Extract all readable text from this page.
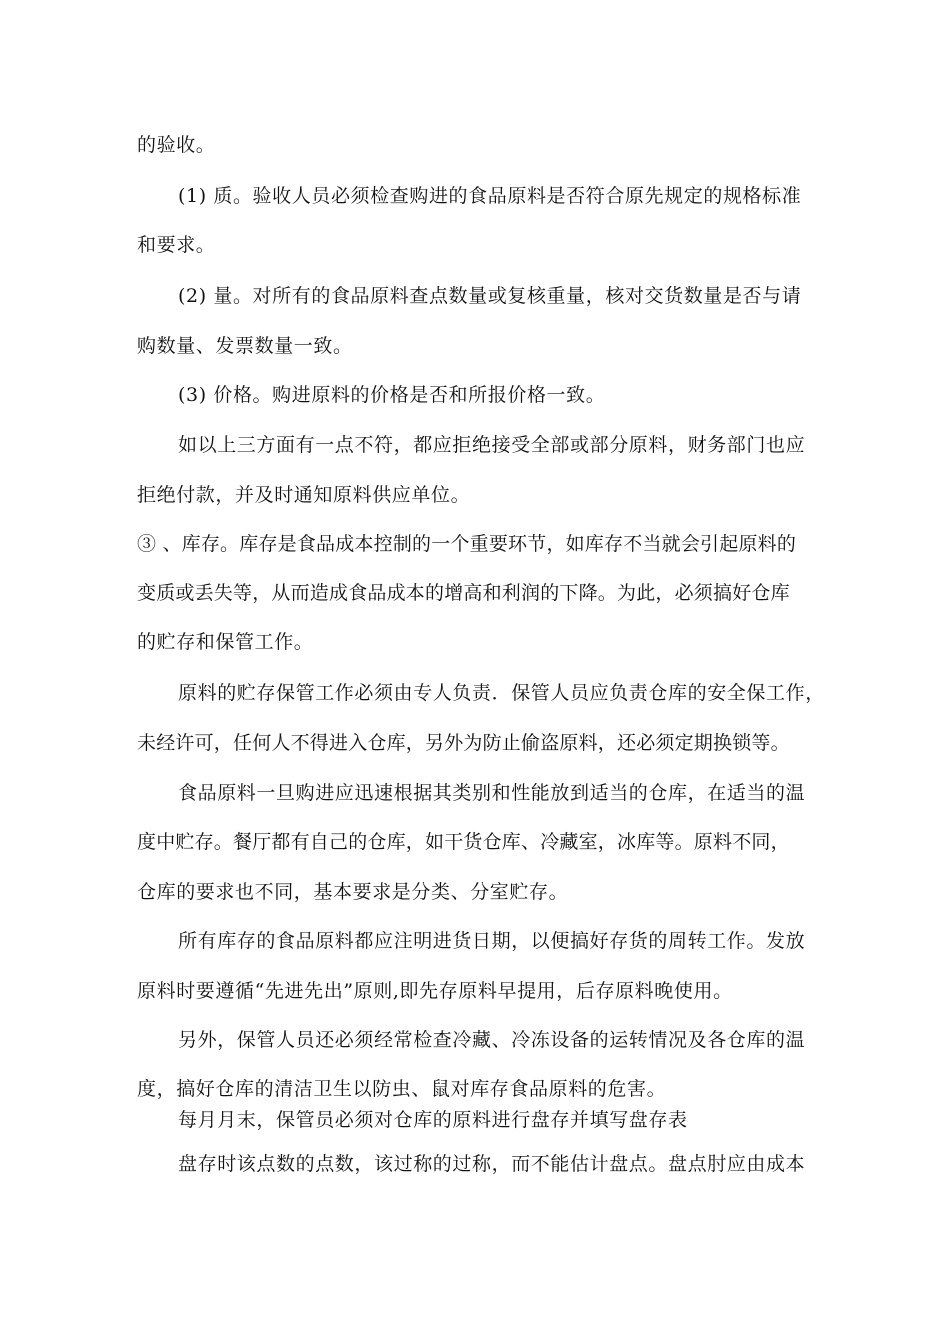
的验收。
(1) 质。验收人员必须检查购进的食品原料是否符合原先规定的规格标准
和要求。
(2) 量。对所有的食品原料查点数量或复核重量，核对交货数量是否与请
购数量、发票数量一致。
(3) 价格。购进原料的价格是否和所报价格一致。
如以上三方面有一点不符，都应拒绝接受全部或部分原料，财务部门也应
拒绝付款，并及时通知原料供应单位。
③ 、库存。库存是食品成本控制的一个重要环节，如库存不当就会引起原料的
变质或丢失等，从而造成食品成本的增高和利润的下降。为此，必须搞好仓库
的贮存和保管工作。
原料的贮存保管工作必须由专人负责．保管人员应负责仓库的安全保工作，
未经许可，任何人不得进入仓库，另外为防止偷盗原料，还必须定期换锁等。
食品原料一旦购进应迅速根据其类别和性能放到适当的仓库，在适当的温
度中贮存。餐厅都有自己的仓库，如干货仓库、冷藏室，冰库等。原料不同，
仓库的要求也不同，基本要求是分类、分室贮存。
所有库存的食品原料都应注明进货日期，以便搞好存货的周转工作。发放
原料时要遵循“先进先出”原则,即先存原料早提用，后存原料晚使用。
另外，保管人员还必须经常检查冷藏、冷冻设备的运转情况及各仓库的温
度，搞好仓库的清洁卫生以防虫、鼠对库存食品原料的危害。
每月月末，保管员必须对仓库的原料进行盘存并填写盘存表
盘存时该点数的点数，该过称的过称，而不能估计盘点。盘点肘应由成本
